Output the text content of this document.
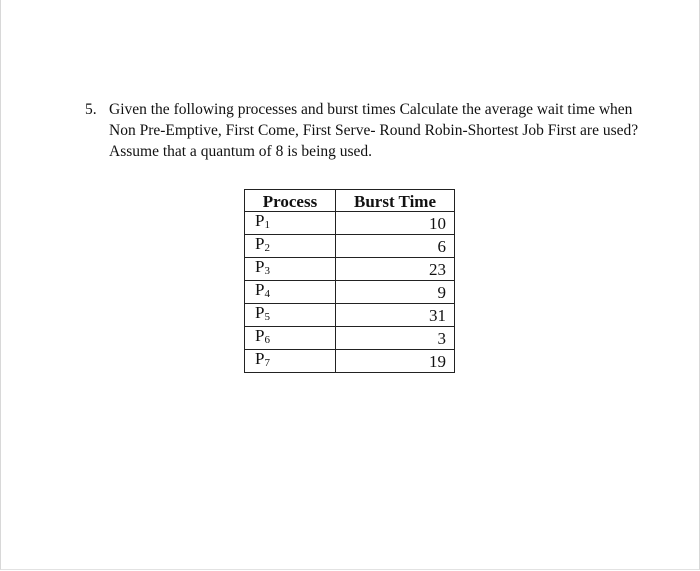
5. Given the following processes and burst times Calculate the average wait time when
Non Pre-Emptive, First Come, First Serve- Round Robin-Shortest Job First are used?
Assume that a quantum of 8 is being used.
Process	Burst Time
$P_1$	10
$P_2$	6
$P_3$	23
$P_4$	9
$P_5$	31
$P_6$	3
$P_7$	19
